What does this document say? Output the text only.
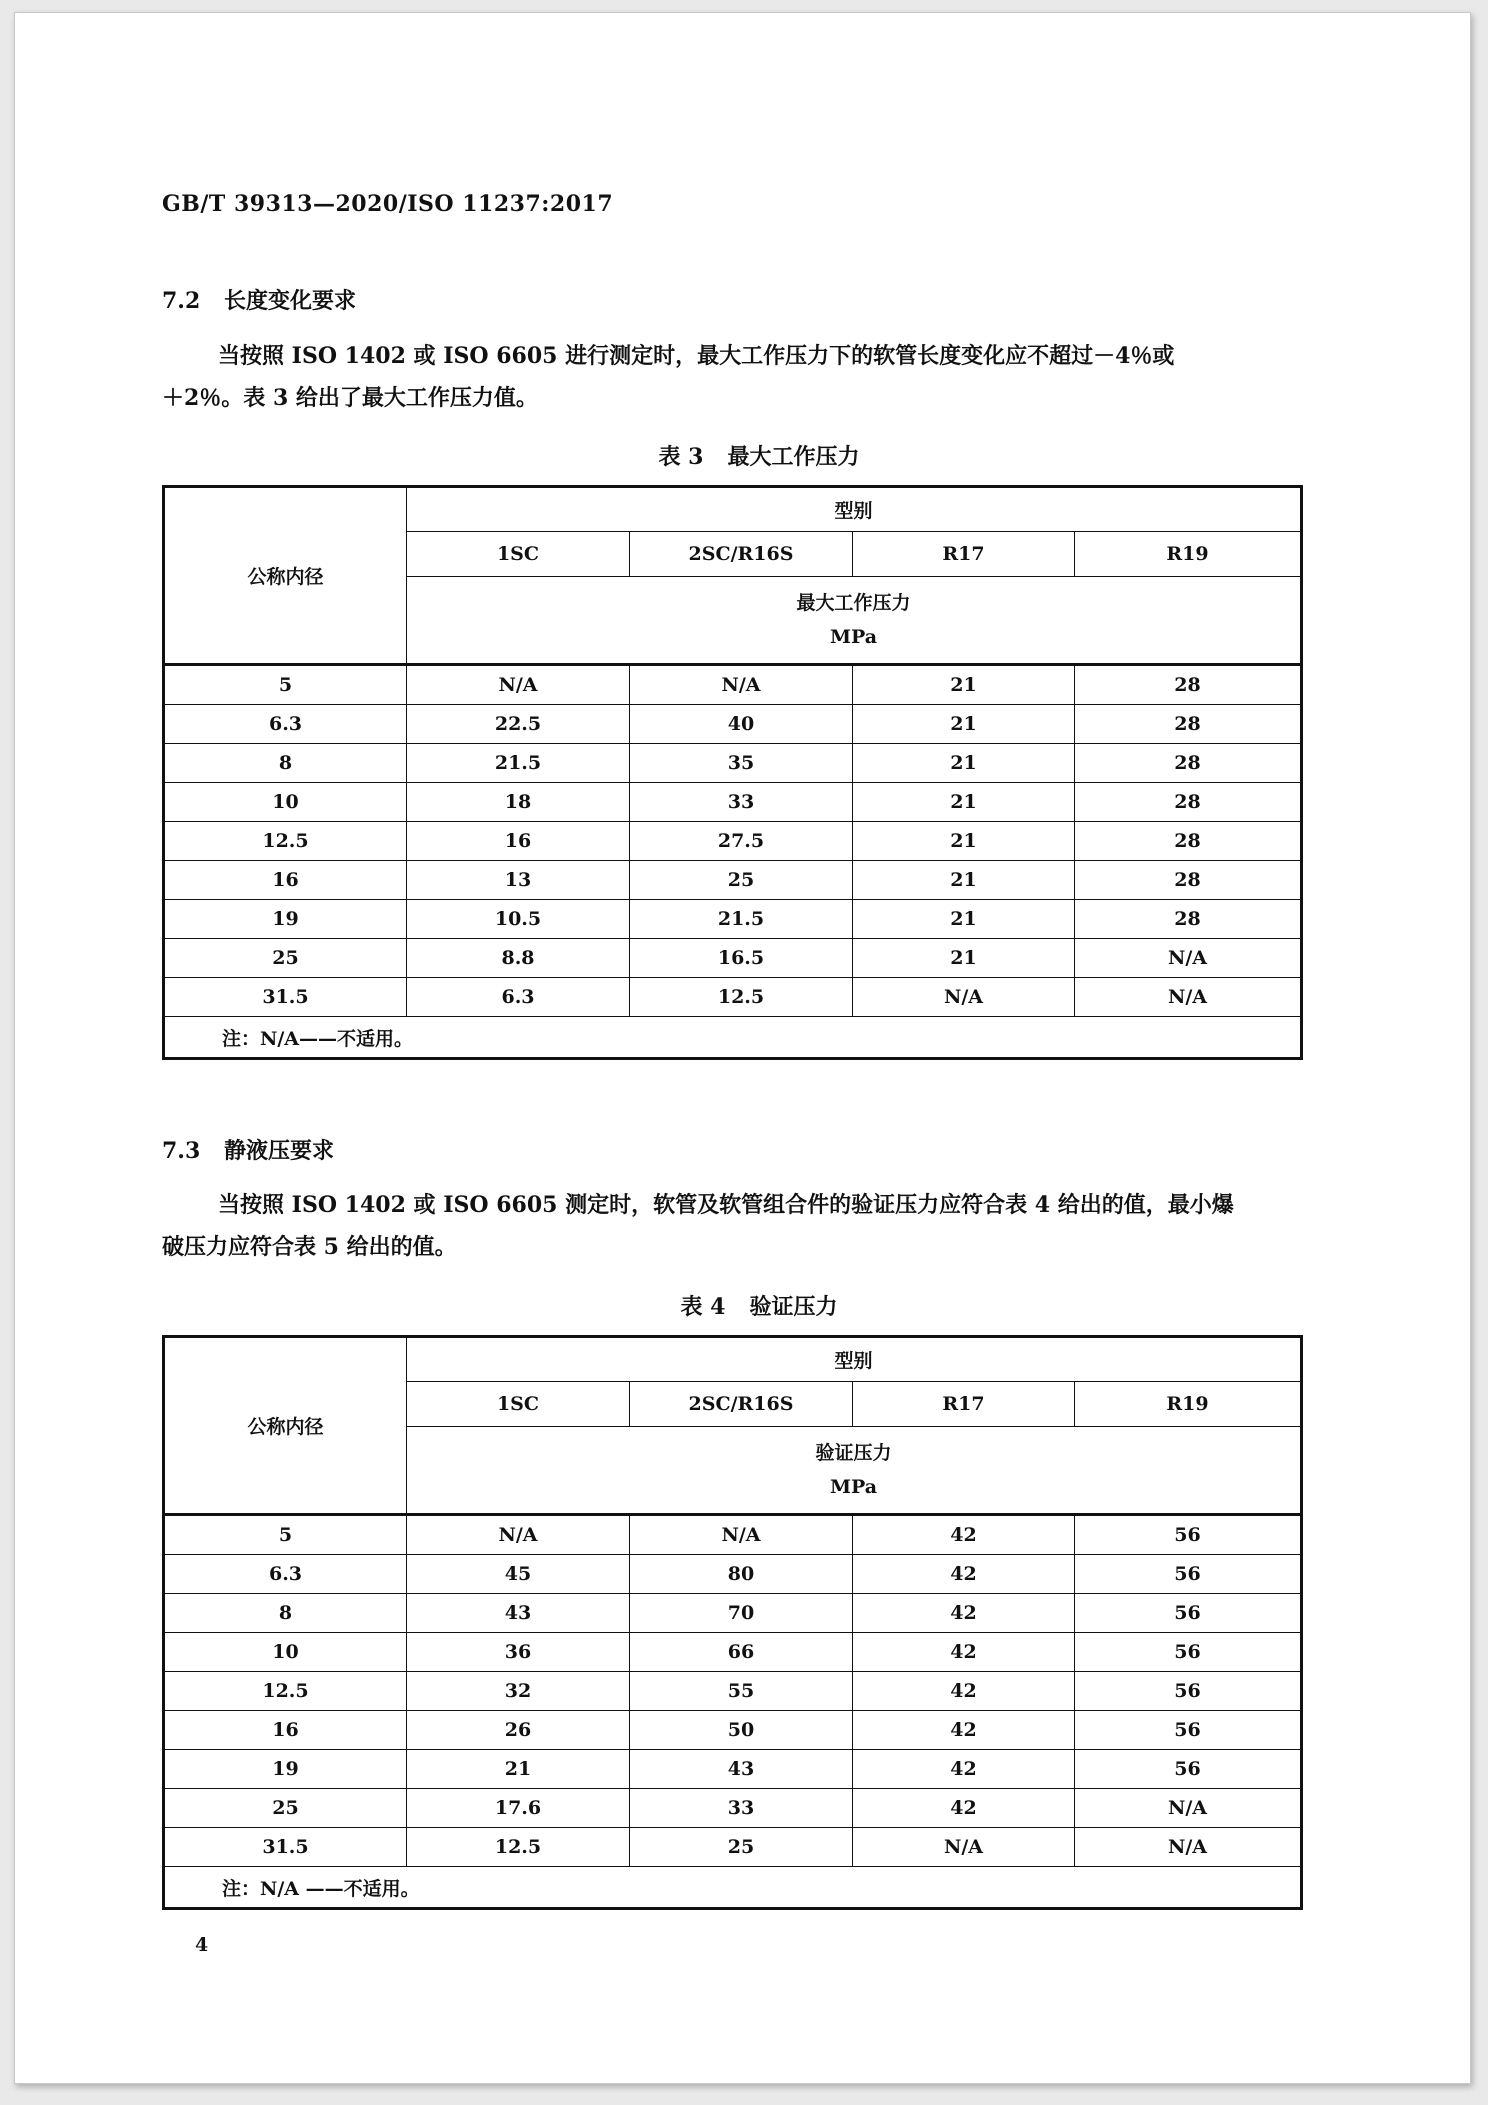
GB/T 39313—2020/ISO 11237:2017
7.2 长度变化要求
当按照 ISO 1402 或 ISO 6605 进行测定时，最大工作压力下的软管长度变化应不超过－4％或
＋2％。表 3 给出了最大工作压力值。
表 3 最大工作压力
公称内径	型别			
	1SC	2SC/R16S	R17	R19

	最大工作压力
MPa			

5	N/A	N/A	21	28
6.3	22.5	40	21	28
8	21.5	35	21	28
10	18	33	21	28
12.5	16	27.5	21	28
16	13	25	21	28
19	10.5	21.5	21	28
25	8.8	16.5	21	N/A
31.5	6.3	12.5	N/A	N/A
注：N/A——不适用。				
7.3 静液压要求
当按照 ISO 1402 或 ISO 6605 测定时，软管及软管组合件的验证压力应符合表 4 给出的值，最小爆
破压力应符合表 5 给出的值。
表 4 验证压力
公称内径	型别			
	1SC	2SC/R16S	R17	R19

	验证压力
MPa			

5	N/A	N/A	42	56
6.3	45	80	42	56
8	43	70	42	56
10	36	66	42	56
12.5	32	55	42	56
16	26	50	42	56
19	21	43	42	56
25	17.6	33	42	N/A
31.5	12.5	25	N/A	N/A
注：N/A ——不适用。				
4
